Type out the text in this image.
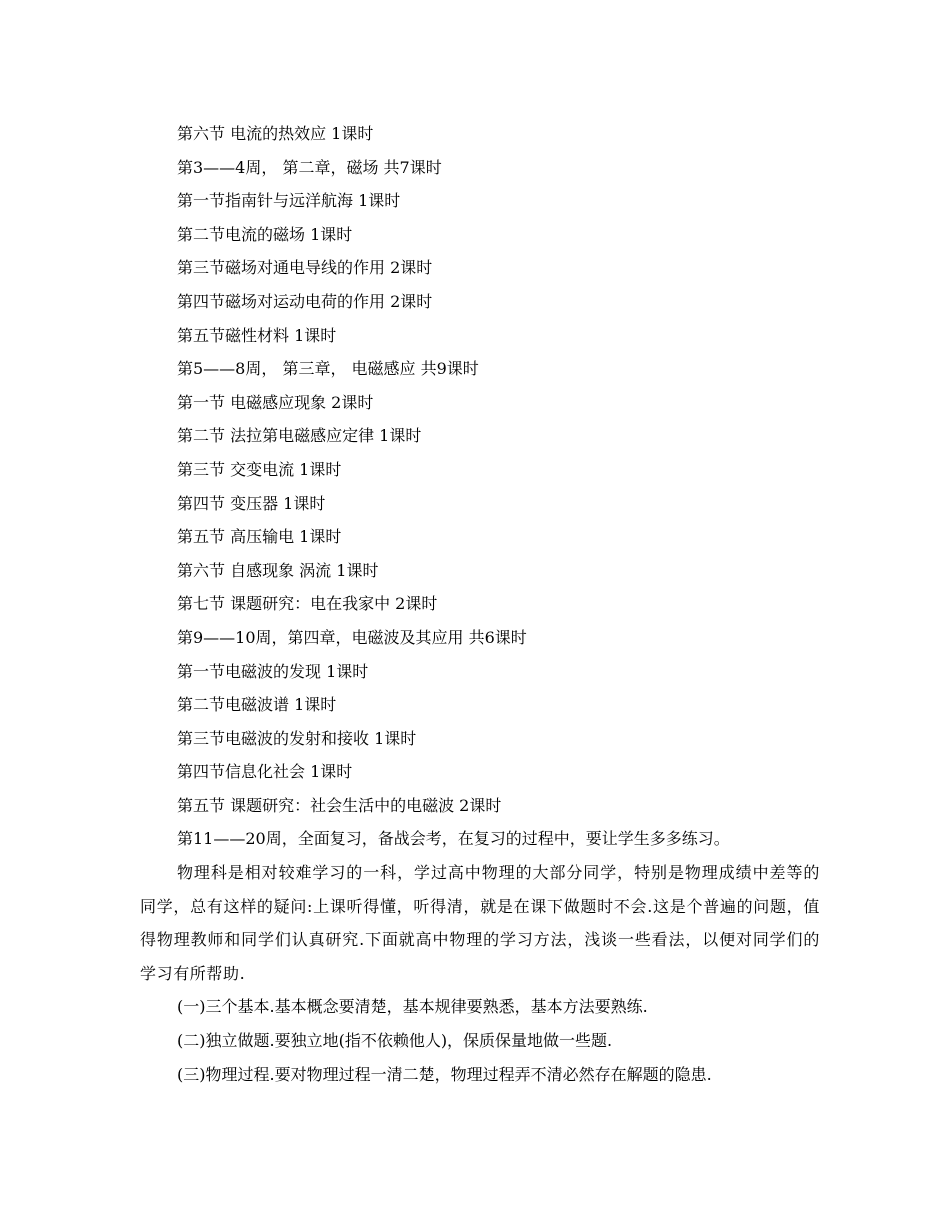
第六节 电流的热效应 1课时
第3——4周， 第二章，磁场 共7课时
第一节指南针与远洋航海 1课时
第二节电流的磁场 1课时
第三节磁场对通电导线的作用 2课时
第四节磁场对运动电荷的作用 2课时
第五节磁性材料 1课时
第5——8周， 第三章， 电磁感应 共9课时
第一节 电磁感应现象 2课时
第二节 法拉第电磁感应定律 1课时
第三节 交变电流 1课时
第四节 变压器 1课时
第五节 高压输电 1课时
第六节 自感现象 涡流 1课时
第七节 课题研究：电在我家中 2课时
第9——10周，第四章，电磁波及其应用 共6课时
第一节电磁波的发现 1课时
第二节电磁波谱 1课时
第三节电磁波的发射和接收 1课时
第四节信息化社会 1课时
第五节 课题研究：社会生活中的电磁波 2课时
第11——20周，全面复习，备战会考，在复习的过程中，要让学生多多练习。
物理科是相对较难学习的一科，学过高中物理的大部分同学，特别是物理成绩中差等的同学，总有这样的疑问:上课听得懂，听得清，就是在课下做题时不会.这是个普遍的问题，值得物理教师和同学们认真研究.下面就高中物理的学习方法，浅谈一些看法，以便对同学们的学习有所帮助.
(一)三个基本.基本概念要清楚，基本规律要熟悉，基本方法要熟练.
(二)独立做题.要独立地(指不依赖他人)，保质保量地做一些题.
(三)物理过程.要对物理过程一清二楚，物理过程弄不清必然存在解题的隐患.
